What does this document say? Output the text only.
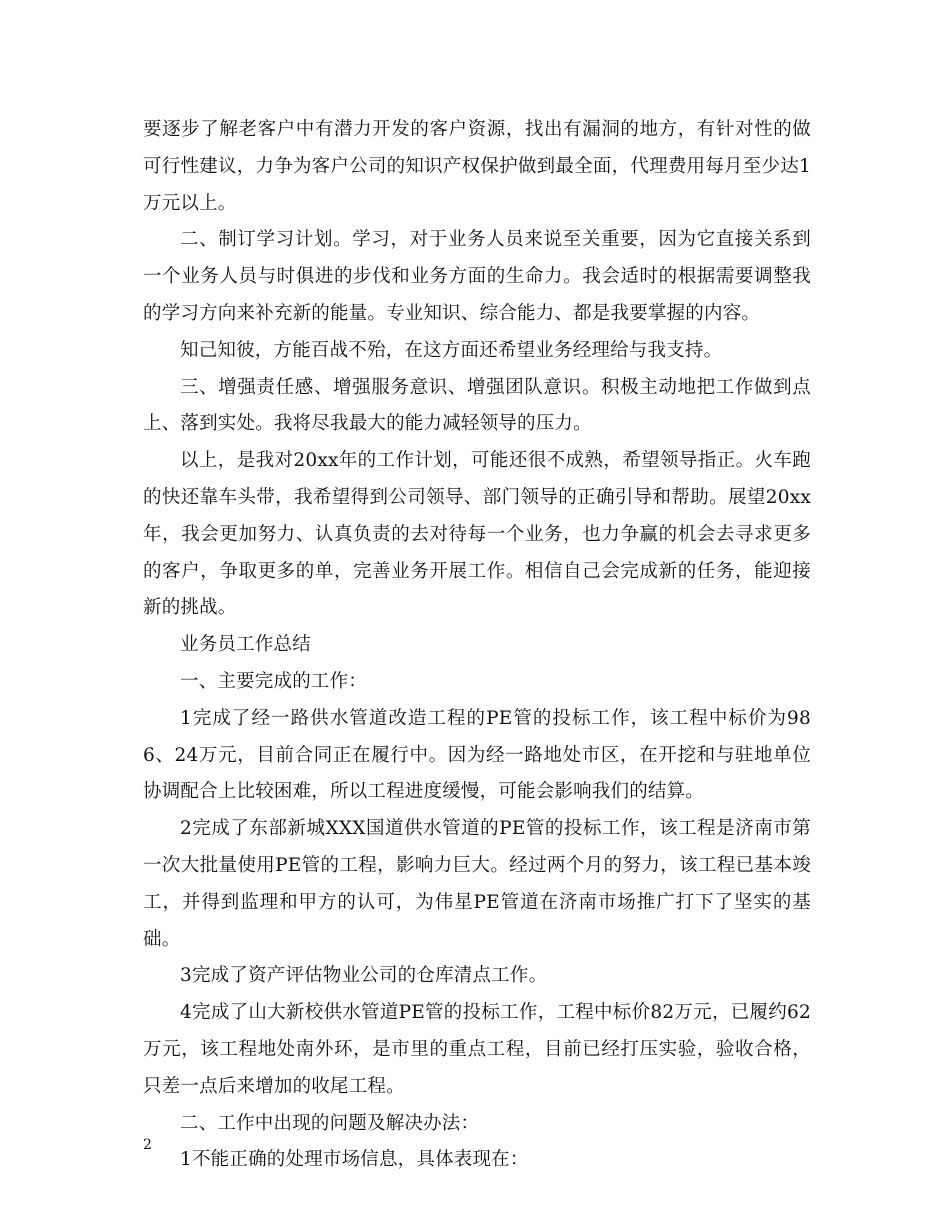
要逐步了解老客户中有潜力开发的客户资源，找出有漏洞的地方，有针对性的做可行性建议，力争为客户公司的知识产权保护做到最全面，代理费用每月至少达1万元以上。

二、制订学习计划。学习，对于业务人员来说至关重要，因为它直接关系到一个业务人员与时俱进的步伐和业务方面的生命力。我会适时的根据需要调整我的学习方向来补充新的能量。专业知识、综合能力、都是我要掌握的内容。

知己知彼，方能百战不殆，在这方面还希望业务经理给与我支持。

三、增强责任感、增强服务意识、增强团队意识。积极主动地把工作做到点上、落到实处。我将尽我最大的能力减轻领导的压力。

以上，是我对20xx年的工作计划，可能还很不成熟，希望领导指正。火车跑的快还靠车头带，我希望得到公司领导、部门领导的正确引导和帮助。展望20xx年，我会更加努力、认真负责的去对待每一个业务，也力争赢的机会去寻求更多的客户，争取更多的单，完善业务开展工作。相信自己会完成新的任务，能迎接新的挑战。

业务员工作总结

一、主要完成的工作：

1完成了经一路供水管道改造工程的PE管的投标工作，该工程中标价为986、24万元，目前合同正在履行中。因为经一路地处市区，在开挖和与驻地单位协调配合上比较困难，所以工程进度缓慢，可能会影响我们的结算。

2完成了东部新城XXX国道供水管道的PE管的投标工作，该工程是济南市第一次大批量使用PE管的工程，影响力巨大。经过两个月的努力，该工程已基本竣工，并得到监理和甲方的认可，为伟星PE管道在济南市场推广打下了坚实的基础。

3完成了资产评估物业公司的仓库清点工作。

4完成了山大新校供水管道PE管的投标工作，工程中标价82万元，已履约62万元，该工程地处南外环，是市里的重点工程，目前已经打压实验，验收合格，只差一点后来增加的收尾工程。

二、工作中出现的问题及解决办法：

1不能正确的处理市场信息，具体表现在：

2
